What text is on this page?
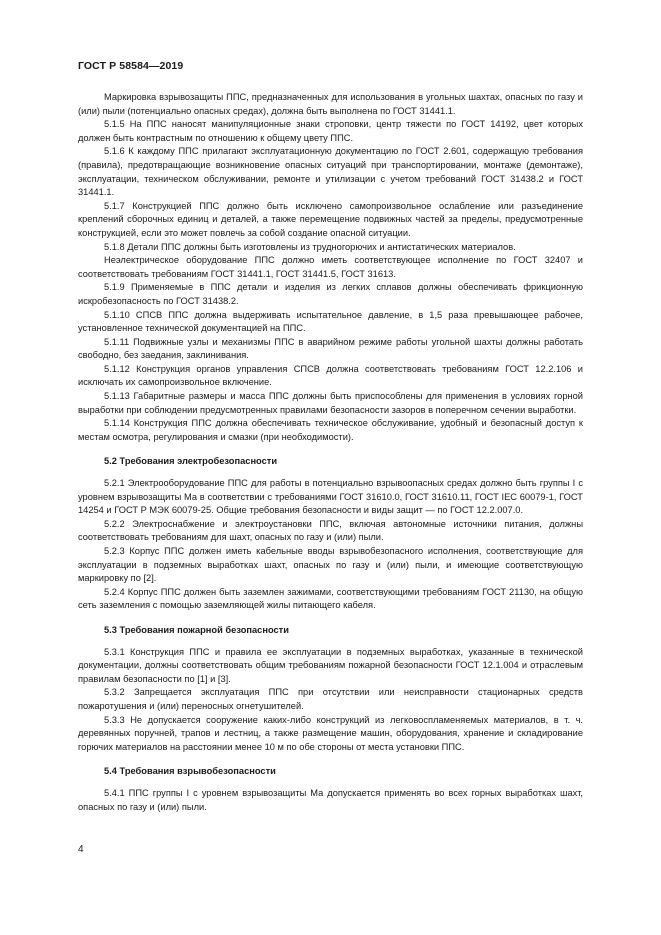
ГОСТ Р 58584—2019

Маркировка взрывозащиты ППС, предназначенных для использования в угольных шахтах, опасных по газу и (или) пыли (потенциально опасных средах), должна быть выполнена по ГОСТ 31441.1.

5.1.5 На ППС наносят манипуляционные знаки строповки, центр тяжести по ГОСТ 14192, цвет которых должен быть контрастным по отношению к общему цвету ППС.

5.1.6 К каждому ППС прилагают эксплуатационную документацию по ГОСТ 2.601, содержащую требования (правила), предотвращающие возникновение опасных ситуаций при транспортировании, монтаже (демонтаже), эксплуатации, техническом обслуживании, ремонте и утилизации с учетом требований ГОСТ 31438.2 и ГОСТ 31441.1.

5.1.7 Конструкцией ППС должно быть исключено самопроизвольное ослабление или разъединение креплений сборочных единиц и деталей, а также перемещение подвижных частей за пределы, предусмотренные конструкцией, если это может повлечь за собой создание опасной ситуации.

5.1.8 Детали ППС должны быть изготовлены из трудногорючих и антистатических материалов.

Неэлектрическое оборудование ППС должно иметь соответствующее исполнение по ГОСТ 32407 и соответствовать требованиям ГОСТ 31441.1, ГОСТ 31441.5, ГОСТ 31613.

5.1.9 Применяемые в ППС детали и изделия из легких сплавов должны обеспечивать фрикционную искробезопасность по ГОСТ 31438.2.

5.1.10 СПСВ ППС должна выдерживать испытательное давление, в 1,5 раза превышающее рабочее, установленное технической документацией на ППС.

5.1.11 Подвижные узлы и механизмы ППС в аварийном режиме работы угольной шахты должны работать свободно, без заедания, заклинивания.

5.1.12 Конструкция органов управления СПСВ должна соответствовать требованиям ГОСТ 12.2.106 и исключать их самопроизвольное включение.

5.1.13 Габаритные размеры и масса ППС должны быть приспособлены для применения в условиях горной выработки при соблюдении предусмотренных правилами безопасности зазоров в поперечном сечении выработки.

5.1.14 Конструкция ППС должна обеспечивать техническое обслуживание, удобный и безопасный доступ к местам осмотра, регулирования и смазки (при необходимости).

5.2 Требования электробезопасности

5.2.1 Электрооборудование ППС для работы в потенциально взрывоопасных средах должно быть группы I с уровнем взрывозащиты Ма в соответствии с требованиями ГОСТ 31610.0, ГОСТ 31610.11, ГОСТ IEC 60079-1, ГОСТ 14254 и ГОСТ Р МЭК 60079-25. Общие требования безопасности и виды защит — по ГОСТ 12.2.007.0.

5.2.2 Электроснабжение и электроустановки ППС, включая автономные источники питания, должны соответствовать требованиям для шахт, опасных по газу и (или) пыли.

5.2.3 Корпус ППС должен иметь кабельные вводы взрывобезопасного исполнения, соответствующие для эксплуатации в подземных выработках шахт, опасных по газу и (или) пыли, и имеющие соответствующую маркировку по [2].

5.2.4 Корпус ППС должен быть заземлен зажимами, соответствующими требованиям ГОСТ 21130, на общую сеть заземления с помощью заземляющей жилы питающего кабеля.

5.3 Требования пожарной безопасности

5.3.1 Конструкция ППС и правила ее эксплуатации в подземных выработках, указанные в технической документации, должны соответствовать общим требованиям пожарной безопасности ГОСТ 12.1.004 и отраслевым правилам безопасности по [1] и [3].

5.3.2 Запрещается эксплуатация ППС при отсутствии или неисправности стационарных средств пожаротушения и (или) переносных огнетушителей.

5.3.3 Не допускается сооружение каких-либо конструкций из легковоспламеняемых материалов, в т. ч. деревянных поручней, трапов и лестниц, а также размещение машин, оборудования, хранение и складирование горючих материалов на расстоянии менее 10 м по обе стороны от места установки ППС.

5.4 Требования взрывобезопасности

5.4.1 ППС группы I с уровнем взрывозащиты Ма допускается применять во всех горных выработках шахт, опасных по газу и (или) пыли.

4
